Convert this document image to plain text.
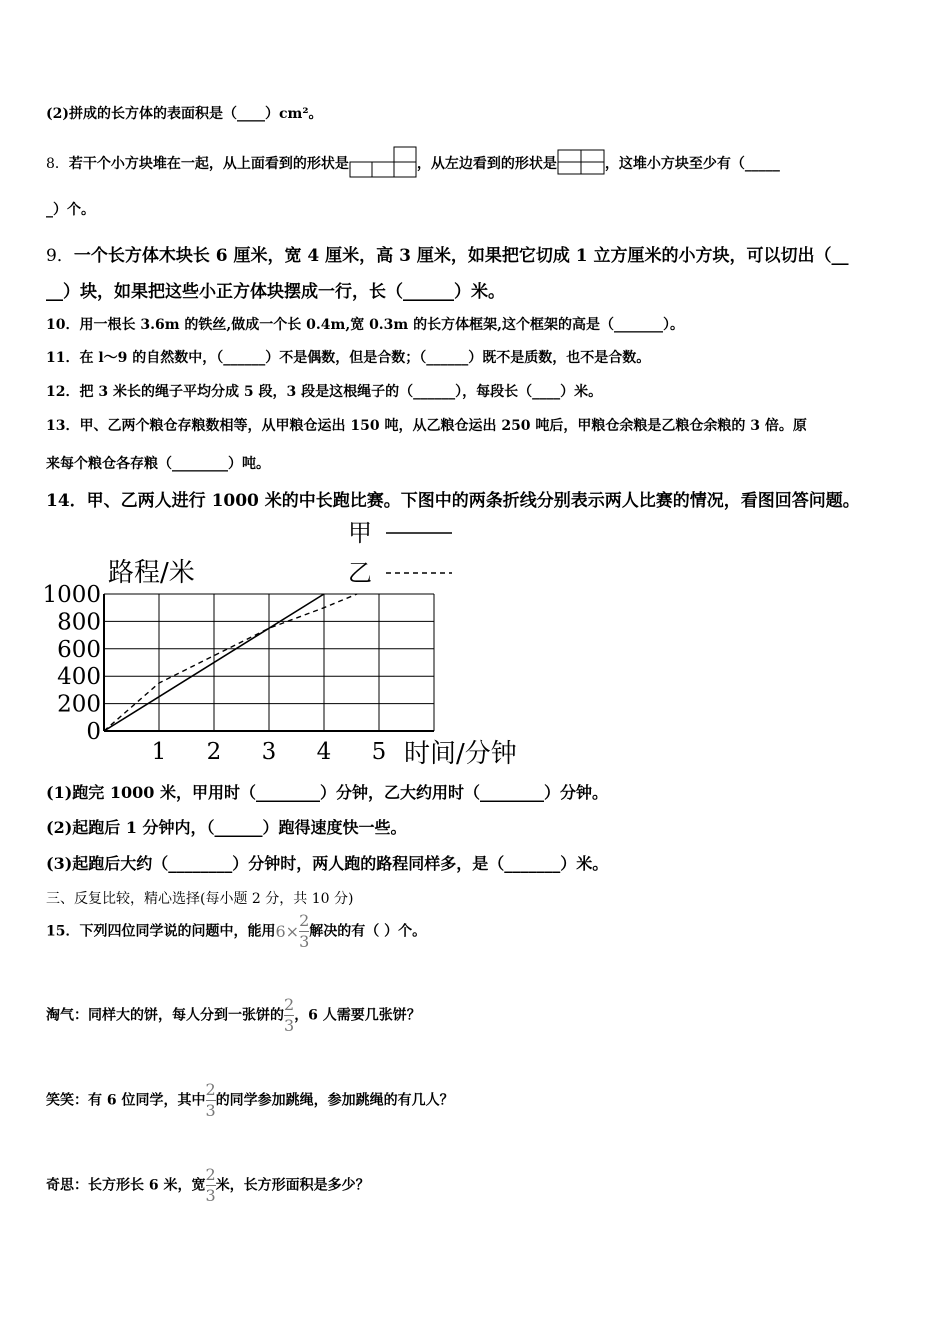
(2)拼成的长方体的表面积是（____）cm²。
8．若干个小方块堆在一起，从上面看到的形状是	，从左边看到的形状是	，这堆小方块至少有（_____
_）个。
9．一个长方体木块长 6 厘米，宽 4 厘米，高 3 厘米，如果把它切成 1 立方厘米的小方块，可以切出（__
__）块，如果把这些小正方体块摆成一行，长（______）米。
10．用一根长 3.6m 的铁丝,做成一个长 0.4m,宽 0.3m 的长方体框架,这个框架的高是（_______）。
11．在 l～9 的自然数中，（______）不是偶数，但是合数；（______）既不是质数，也不是合数。
12．把 3 米长的绳子平均分成 5 段，3 段是这根绳子的（______），每段长（____）米。
13．甲、乙两个粮仓存粮数相等，从甲粮仓运出 150 吨，从乙粮仓运出 250 吨后，甲粮仓余粮是乙粮仓余粮的 3 倍。原
来每个粮仓各存粮（________）吨。
14．甲、乙两人进行 1000 米的中长跑比赛。下图中的两条折线分别表示两人比赛的情况，看图回答问题。
0
200
400
600
800
1000
1 2 3 4 5
甲
乙
路程/米
时间/分钟
(1)跑完 1000 米，甲用时（________）分钟，乙大约用时（________）分钟。
(2)起跑后 1 分钟内，（______）跑得速度快一些。
(3)起跑后大约（________）分钟时，两人跑的路程同样多，是（_______）米。
三、反复比较，精心选择(每小题 2 分，共 10 分)
15．下列四位同学说的问题中，能用$6\times \frac{2}{3}$ 解决的有（ ）个。
淘气：同样大的饼，每人分到一张饼的 $\frac{2}{3}$ ，6 人需要几张饼？
笑笑：有 6 位同学，其中 $\frac{2}{3}$ 的同学参加跳绳，参加跳绳的有几人？
奇思：长方形长 6 米，宽 $\frac{2}{3}$ 米，长方形面积是多少？
